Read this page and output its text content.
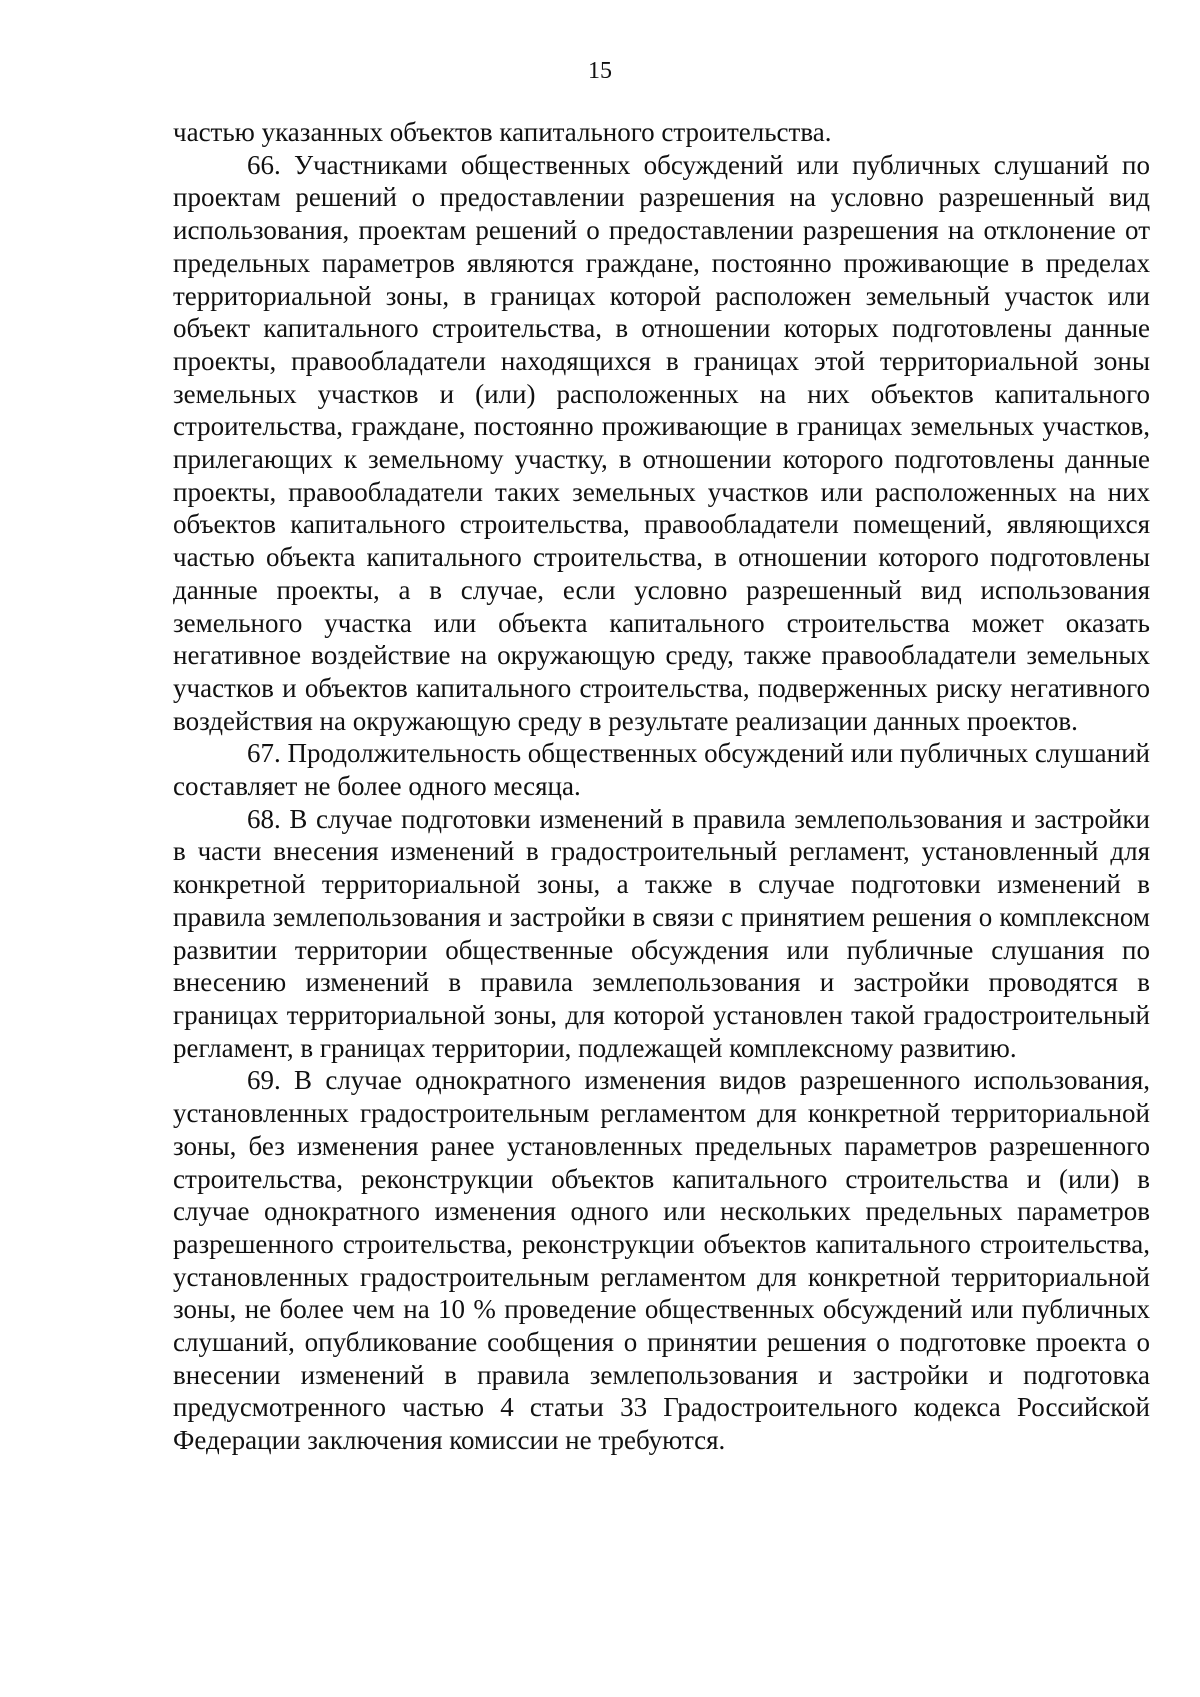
15

частью указанных объектов капитального строительства.

66. Участниками общественных обсуждений или публичных слушаний по проектам решений о предоставлении разрешения на условно разрешенный вид использования, проектам решений о предоставлении разрешения на отклонение от предельных параметров являются граждане, постоянно проживающие в пределах территориальной зоны, в границах которой расположен земельный участок или объект капитального строительства, в отношении которых подготовлены данные проекты, правообладатели находящихся в границах этой территориальной зоны земельных участков и (или) расположенных на них объектов капитального строительства, граждане, постоянно проживающие в границах земельных участков, прилегающих к земельному участку, в отношении которого подготовлены данные проекты, правообладатели таких земельных участков или расположенных на них объектов капитального строительства, правообладатели помещений, являющихся частью объекта капитального строительства, в отношении которого подготовлены данные проекты, а в случае, если условно разрешенный вид использования земельного участка или объекта капитального строительства может оказать негативное воздействие на окружающую среду, также правообладатели земельных участков и объектов капитального строительства, подверженных риску негативного воздействия на окружающую среду в результате реализации данных проектов.

67. Продолжительность общественных обсуждений или публичных слушаний составляет не более одного месяца.

68. В случае подготовки изменений в правила землепользования и застройки в части внесения изменений в градостроительный регламент, установленный для конкретной территориальной зоны, а также в случае подготовки изменений в правила землепользования и застройки в связи с принятием решения о комплексном развитии территории общественные обсуждения или публичные слушания по внесению изменений в правила землепользования и застройки проводятся в границах территориальной зоны, для которой установлен такой градостроительный регламент, в границах территории, подлежащей комплексному развитию.

69. В случае однократного изменения видов разрешенного использования, установленных градостроительным регламентом для конкретной территориальной зоны, без изменения ранее установленных предельных параметров разрешенного строительства, реконструкции объектов капитального строительства и (или) в случае однократного изменения одного или нескольких предельных параметров разрешенного строительства, реконструкции объектов капитального строительства, установленных градостроительным регламентом для конкретной территориальной зоны, не более чем на 10 % проведение общественных обсуждений или публичных слушаний, опубликование сообщения о принятии решения о подготовке проекта о внесении изменений в правила землепользования и застройки и подготовка предусмотренного частью 4 статьи 33 Градостроительного кодекса Российской Федерации заключения комиссии не требуются.
